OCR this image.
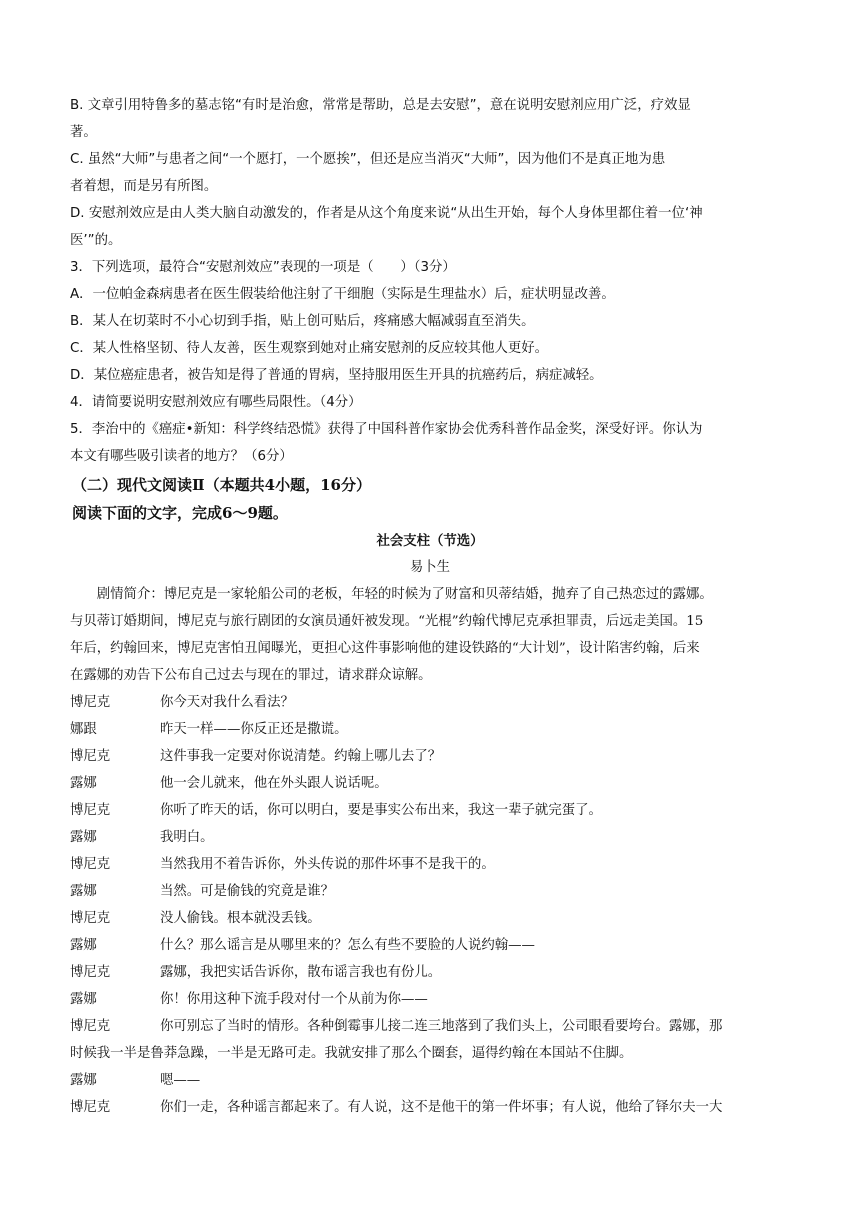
B. 文章引用特鲁多的墓志铭“有时是治愈，常常是帮助，总是去安慰”，意在说明安慰剂应用广泛，疗效显
著。
C. 虽然“大师”与患者之间“一个愿打，一个愿挨”，但还是应当消灭“大师”，因为他们不是真正地为患
者着想，而是另有所图。
D. 安慰剂效应是由人类大脑自动激发的，作者是从这个角度来说“从出生开始，每个人身体里都住着一位‘神
医’”的。
3．下列选项，最符合“安慰剂效应”表现的一项是（　　）（3分）
A．一位帕金森病患者在医生假装给他注射了干细胞（实际是生理盐水）后，症状明显改善。
B．某人在切菜时不小心切到手指，贴上创可贴后，疼痛感大幅减弱直至消失。
C．某人性格坚韧、待人友善，医生观察到她对止痛安慰剂的反应较其他人更好。
D．某位癌症患者，被告知是得了普通的胃病，坚持服用医生开具的抗癌药后，病症减轻。
4．请简要说明安慰剂效应有哪些局限性。（4分）
5．李治中的《癌症•新知：科学终结恐慌》获得了中国科普作家协会优秀科普作品金奖，深受好评。你认为
本文有哪些吸引读者的地方？（6分）
（二）现代文阅读Ⅱ（本题共4小题，16分）
阅读下面的文字，完成6～9题。
社会支柱（节选）
易卜生
　　剧情简介：博尼克是一家轮船公司的老板，年轻的时候为了财富和贝蒂结婚，抛弃了自己热恋过的露娜。
与贝蒂订婚期间，博尼克与旅行剧团的女演员通奸被发现。“光棍”约翰代博尼克承担罪责，后远走美国。15
年后，约翰回来，博尼克害怕丑闻曝光，更担心这件事影响他的建设铁路的“大计划”，设计陷害约翰，后来
在露娜的劝告下公布自己过去与现在的罪过，请求群众谅解。
博尼克	你今天对我什么看法？
娜跟	昨天一样——你反正还是撒谎。
博尼克	这件事我一定要对你说清楚。约翰上哪儿去了？
露娜	他一会儿就来，他在外头跟人说话呢。
博尼克	你听了昨天的话，你可以明白，要是事实公布出来，我这一辈子就完蛋了。
露娜	我明白。
博尼克	当然我用不着告诉你，外头传说的那件坏事不是我干的。
露娜	当然。可是偷钱的究竟是谁？
博尼克	没人偷钱。根本就没丢钱。
露娜	什么？那么谣言是从哪里来的？怎么有些不要脸的人说约翰——
博尼克	露娜，我把实话告诉你，散布谣言我也有份儿。
露娜	你！你用这种下流手段对付一个从前为你——
博尼克	你可别忘了当时的情形。各种倒霉事儿接二连三地落到了我们头上，公司眼看要垮台。露娜，那
时候我一半是鲁莽急躁，一半是无路可走。我就安排了那么个圈套，逼得约翰在本国站不住脚。
露娜	嗯——
博尼克	你们一走，各种谣言都起来了。有人说，这不是他干的第一件坏事；有人说，他给了铎尔夫一大
